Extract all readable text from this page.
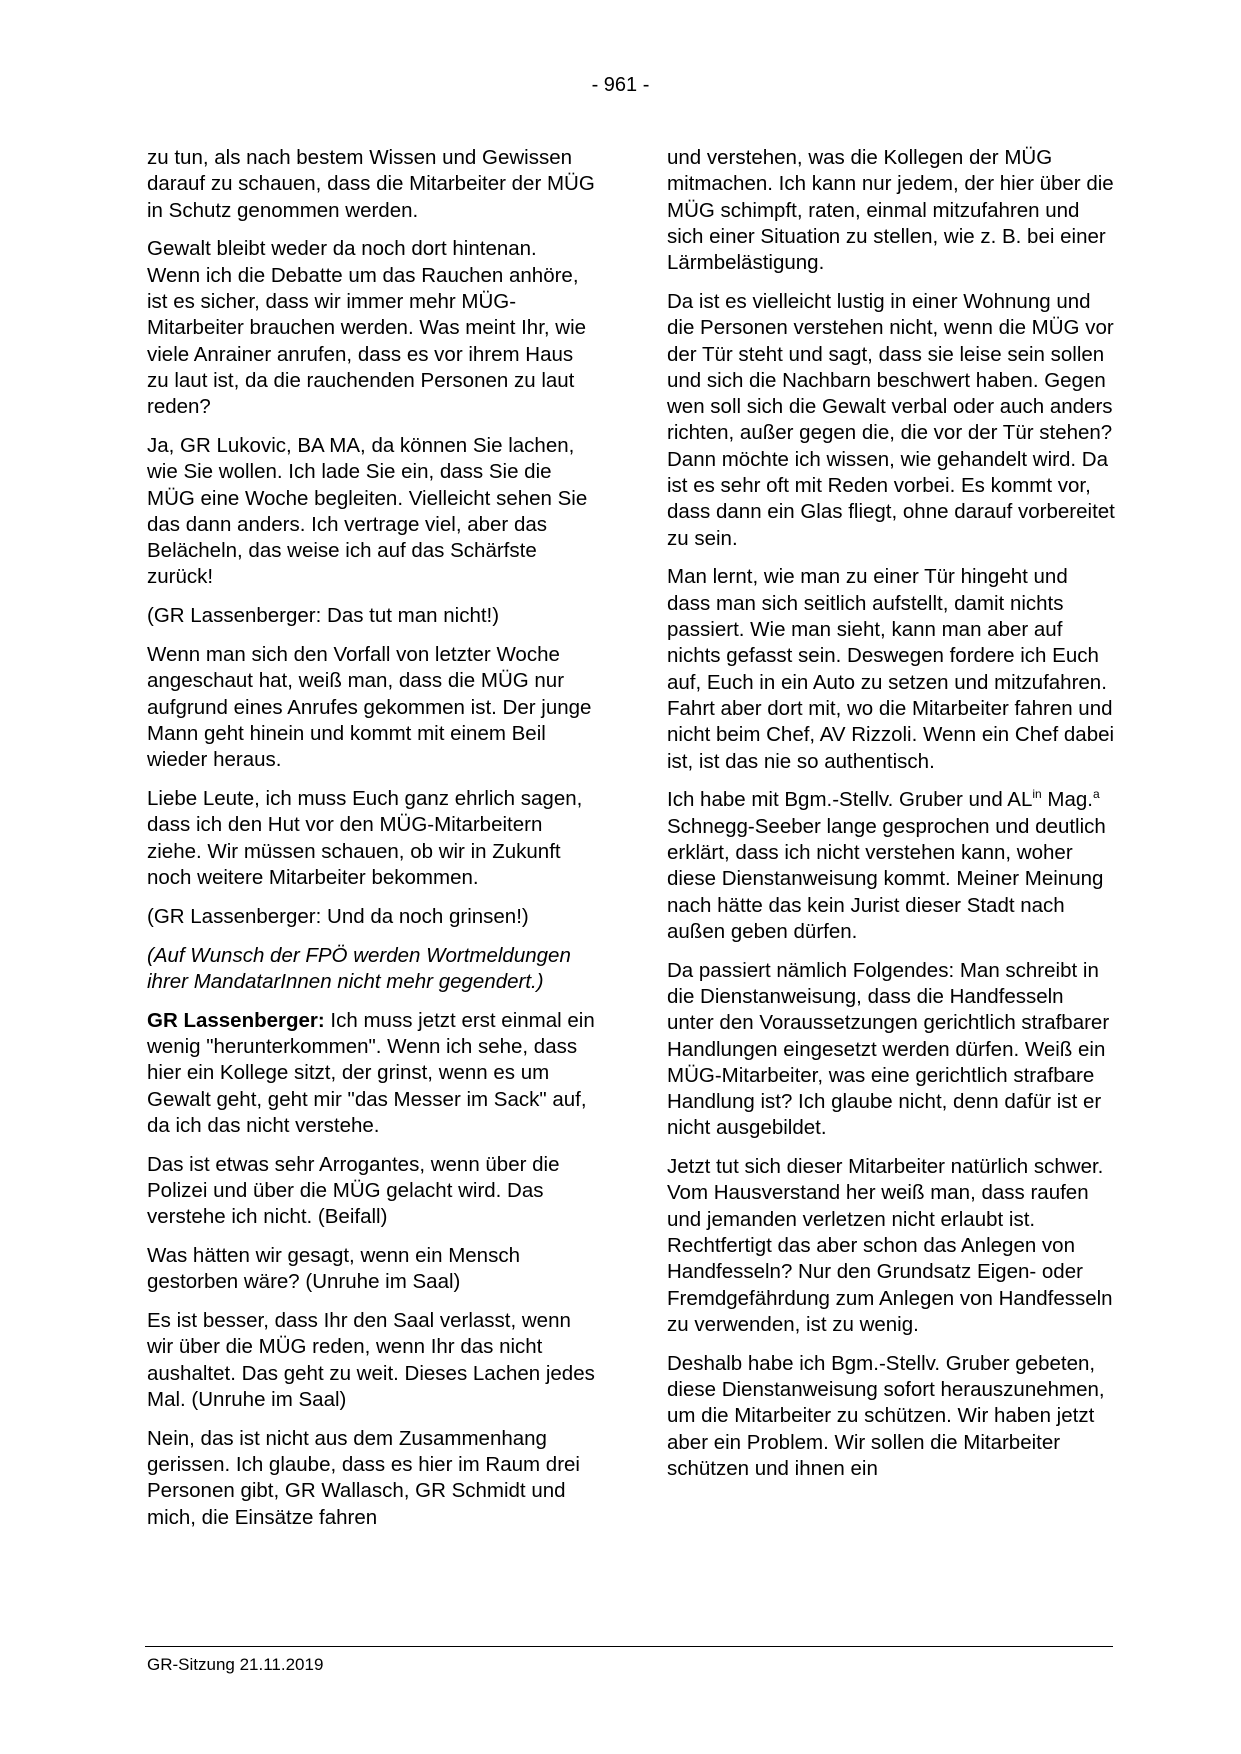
- 961 -

zu tun, als nach bestem Wissen und Gewissen darauf zu schauen, dass die Mitarbeiter der MÜG in Schutz genommen werden.

Gewalt bleibt weder da noch dort hintenan. Wenn ich die Debatte um das Rauchen anhöre, ist es sicher, dass wir immer mehr MÜG-Mitarbeiter brauchen werden. Was meint Ihr, wie viele Anrainer anrufen, dass es vor ihrem Haus zu laut ist, da die rauchenden Personen zu laut reden?

Ja, GR Lukovic, BA MA, da können Sie lachen, wie Sie wollen. Ich lade Sie ein, dass Sie die MÜG eine Woche begleiten. Vielleicht sehen Sie das dann anders. Ich vertrage viel, aber das Belächeln, das weise ich auf das Schärfste zurück!

(GR Lassenberger: Das tut man nicht!)

Wenn man sich den Vorfall von letzter Woche angeschaut hat, weiß man, dass die MÜG nur aufgrund eines Anrufes gekommen ist. Der junge Mann geht hinein und kommt mit einem Beil wieder heraus.

Liebe Leute, ich muss Euch ganz ehrlich sagen, dass ich den Hut vor den MÜG-Mitarbeitern ziehe. Wir müssen schauen, ob wir in Zukunft noch weitere Mitarbeiter bekommen.

(GR Lassenberger: Und da noch grinsen!)

(Auf Wunsch der FPÖ werden Wortmeldungen ihrer MandatarInnen nicht mehr gegendert.)

GR Lassenberger: Ich muss jetzt erst einmal ein wenig "herunterkommen". Wenn ich sehe, dass hier ein Kollege sitzt, der grinst, wenn es um Gewalt geht, geht mir "das Messer im Sack" auf, da ich das nicht verstehe.

Das ist etwas sehr Arrogantes, wenn über die Polizei und über die MÜG gelacht wird. Das verstehe ich nicht. (Beifall)

Was hätten wir gesagt, wenn ein Mensch gestorben wäre? (Unruhe im Saal)

Es ist besser, dass Ihr den Saal verlasst, wenn wir über die MÜG reden, wenn Ihr das nicht aushaltet. Das geht zu weit. Dieses Lachen jedes Mal. (Unruhe im Saal)

Nein, das ist nicht aus dem Zusammenhang gerissen. Ich glaube, dass es hier im Raum drei Personen gibt, GR Wallasch, GR Schmidt und mich, die Einsätze fahren

und verstehen, was die Kollegen der MÜG mitmachen. Ich kann nur jedem, der hier über die MÜG schimpft, raten, einmal mitzufahren und sich einer Situation zu stellen, wie z. B. bei einer Lärmbelästigung.

Da ist es vielleicht lustig in einer Wohnung und die Personen verstehen nicht, wenn die MÜG vor der Tür steht und sagt, dass sie leise sein sollen und sich die Nachbarn beschwert haben. Gegen wen soll sich die Gewalt verbal oder auch anders richten, außer gegen die, die vor der Tür stehen? Dann möchte ich wissen, wie gehandelt wird. Da ist es sehr oft mit Reden vorbei. Es kommt vor, dass dann ein Glas fliegt, ohne darauf vorbereitet zu sein.

Man lernt, wie man zu einer Tür hingeht und dass man sich seitlich aufstellt, damit nichts passiert. Wie man sieht, kann man aber auf nichts gefasst sein. Deswegen fordere ich Euch auf, Euch in ein Auto zu setzen und mitzufahren. Fahrt aber dort mit, wo die Mitarbeiter fahren und nicht beim Chef, AV Rizzoli. Wenn ein Chef dabei ist, ist das nie so authentisch.

Ich habe mit Bgm.-Stellv. Gruber und $AL^{in}$ Mag.$^a$ Schnegg-Seeber lange gesprochen und deutlich erklärt, dass ich nicht verstehen kann, woher diese Dienstanweisung kommt. Meiner Meinung nach hätte das kein Jurist dieser Stadt nach außen geben dürfen.

Da passiert nämlich Folgendes: Man schreibt in die Dienstanweisung, dass die Handfesseln unter den Voraussetzungen gerichtlich strafbarer Handlungen eingesetzt werden dürfen. Weiß ein MÜG-Mitarbeiter, was eine gerichtlich strafbare Handlung ist? Ich glaube nicht, denn dafür ist er nicht ausgebildet.

Jetzt tut sich dieser Mitarbeiter natürlich schwer. Vom Hausverstand her weiß man, dass raufen und jemanden verletzen nicht erlaubt ist. Rechtfertigt das aber schon das Anlegen von Handfesseln? Nur den Grundsatz Eigen- oder Fremdgefährdung zum Anlegen von Handfesseln zu verwenden, ist zu wenig.

Deshalb habe ich Bgm.-Stellv. Gruber gebeten, diese Dienstanweisung sofort herauszunehmen, um die Mitarbeiter zu schützen. Wir haben jetzt aber ein Problem. Wir sollen die Mitarbeiter schützen und ihnen ein

GR-Sitzung 21.11.2019
